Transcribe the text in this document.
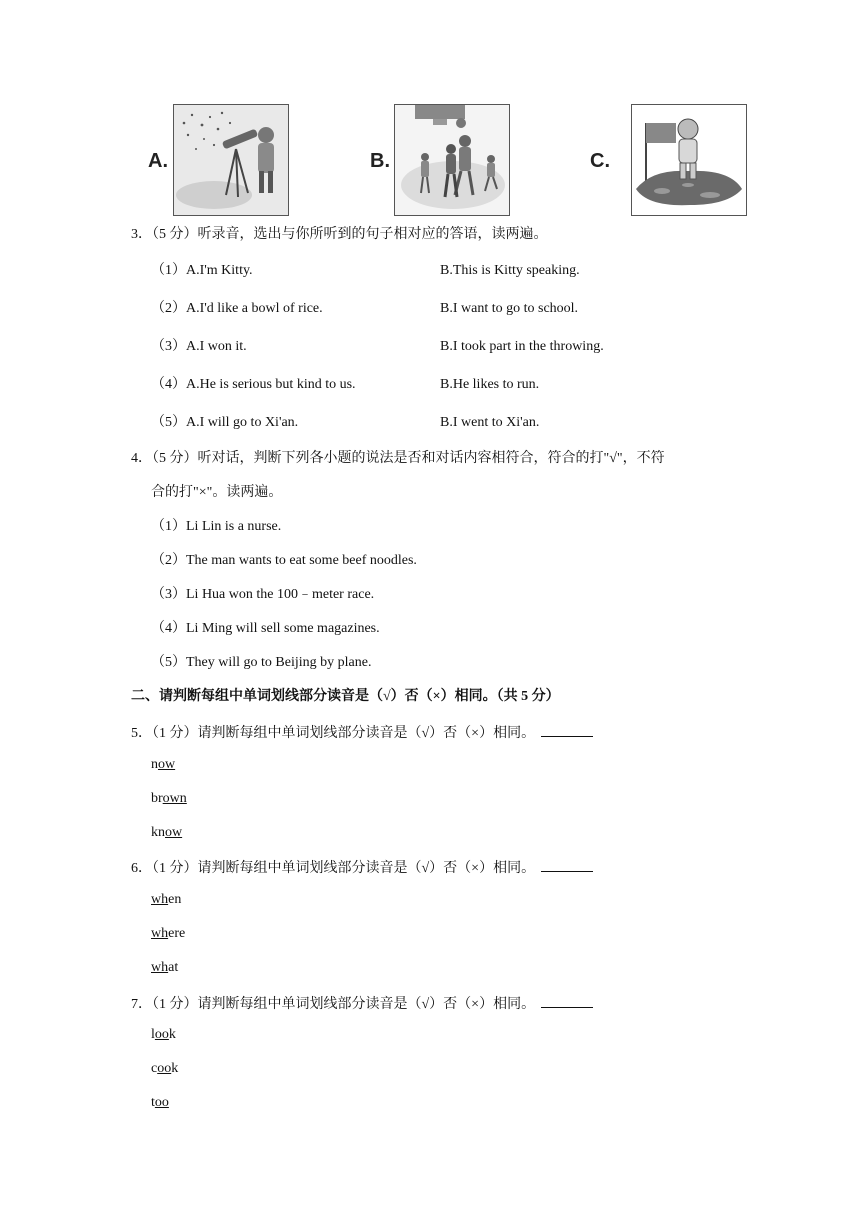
A.	B.	C.
3．（5 分）听录音，选出与你所听到的句子相对应的答语，读两遍。
（1）A.I'm Kitty.	B.This is Kitty speaking.
（2）A.I'd like a bowl of rice.	B.I want to go to school.
（3）A.I won it.	B.I took part in the throwing.
（4）A.He is serious but kind to us.	B.He likes to run.
（5）A.I will go to Xi'an.	B.I went to Xi'an.
4．（5 分）听对话，判断下列各小题的说法是否和对话内容相符合，符合的打"√"，不符
合的打"×"。读两遍。
（1）Li Lin is a nurse.
（2）The man wants to eat some beef noodles.
（3）Li Hua won the 100﹣meter race.
（4）Li Ming will sell some magazines.
（5）They will go to Beijing by plane.
二、请判断每组中单词划线部分读音是（√）否（×）相同。（共 5 分）
5．（1 分）请判断每组中单词划线部分读音是（√）否（×）相同。
now
brown
know
6．（1 分）请判断每组中单词划线部分读音是（√）否（×）相同。
when
where
what
7．（1 分）请判断每组中单词划线部分读音是（√）否（×）相同。
look
cook
too
